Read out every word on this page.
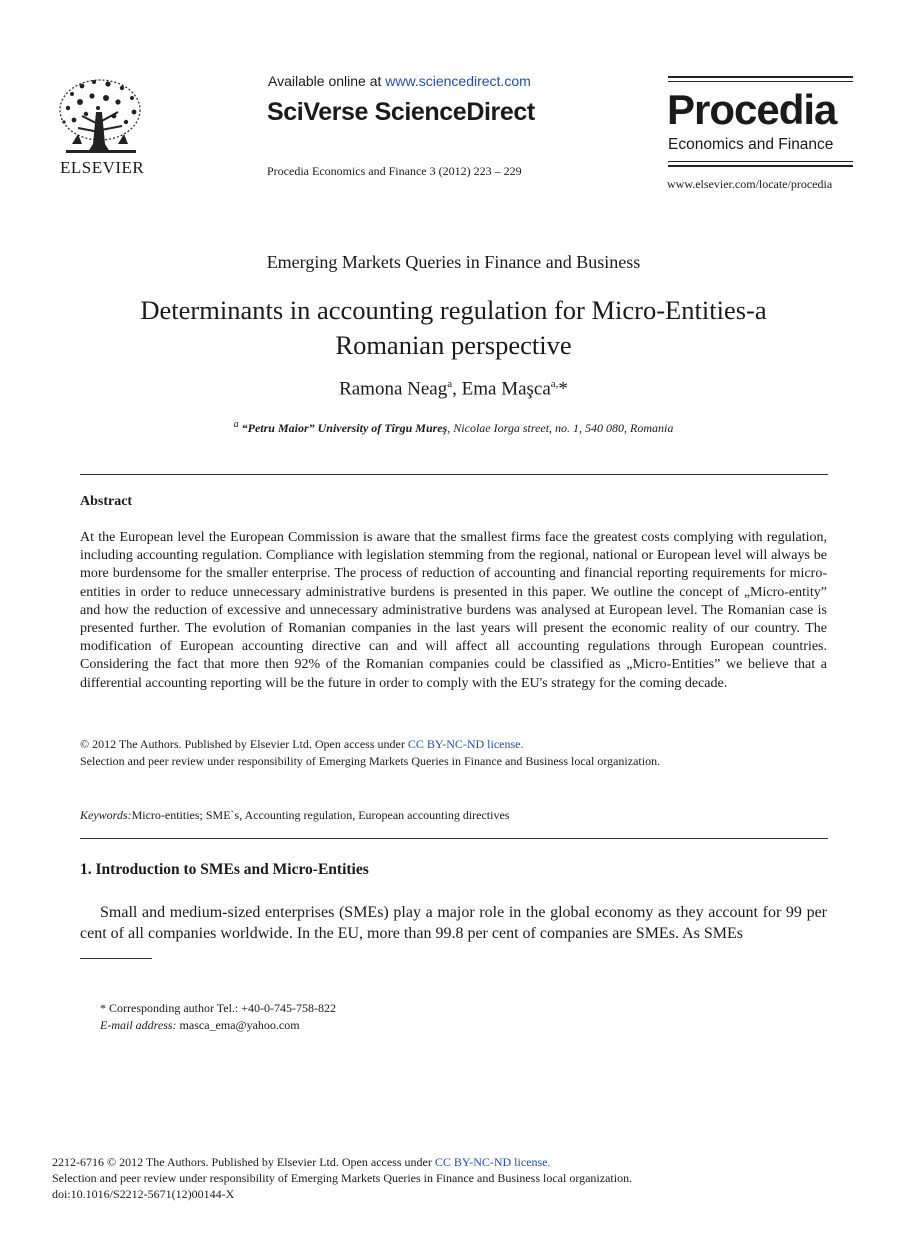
ELSEVIER
Available online at www.sciencedirect.com
SciVerse ScienceDirect
Procedia Economics and Finance 3 (2012) 223 – 229
Procedia
Economics and Finance
www.elsevier.com/locate/procedia
Emerging Markets Queries in Finance and Business
Determinants in accounting regulation for Micro-Entities-a
Romanian perspective
Ramona Neag$^a$, Ema Maşca$^{a,}$*
$^a$ “Petru Maior” University of Tîrgu Mureş, Nicolae Iorga street, no. 1, 540 080, Romania
Abstract
At the European level the European Commission is aware that the smallest firms face the greatest costs complying with regulation, including accounting regulation. Compliance with legislation stemming from the regional, national or European level will always be more burdensome for the smaller enterprise. The process of reduction of accounting and financial reporting requirements for micro-entities in order to reduce unnecessary administrative burdens is presented in this paper. We outline the concept of „Micro-entity” and how the reduction of excessive and unnecessary administrative burdens was analysed at European level. The Romanian case is presented further. The evolution of Romanian companies in the last years will present the economic reality of our country. The modification of European accounting directive can and will affect all accounting regulations through European countries. Considering the fact that more then 92% of the Romanian companies could be classified as „Micro-Entities” we believe that a differential accounting reporting will be the future in order to comply with the EU's strategy for the coming decade.
© 2012 The Authors. Published by Elsevier Ltd. Open access under CC BY-NC-ND license.
Selection and peer review under responsibility of Emerging Markets Queries in Finance and Business local organization.
Keywords:Micro-entities; SME`s, Accounting regulation, European accounting directives
1. Introduction to SMEs and Micro-Entities
Small and medium-sized enterprises (SMEs) play a major role in the global economy as they account for 99 per cent of all companies worldwide. In the EU, more than 99.8 per cent of companies are SMEs. As SMEs
* Corresponding author Tel.: +40-0-745-758-822
E-mail address: masca_ema@yahoo.com
2212-6716 © 2012 The Authors. Published by Elsevier Ltd. Open access under CC BY-NC-ND license.
Selection and peer review under responsibility of Emerging Markets Queries in Finance and Business local organization.
doi:10.1016/S2212-5671(12)00144-X
